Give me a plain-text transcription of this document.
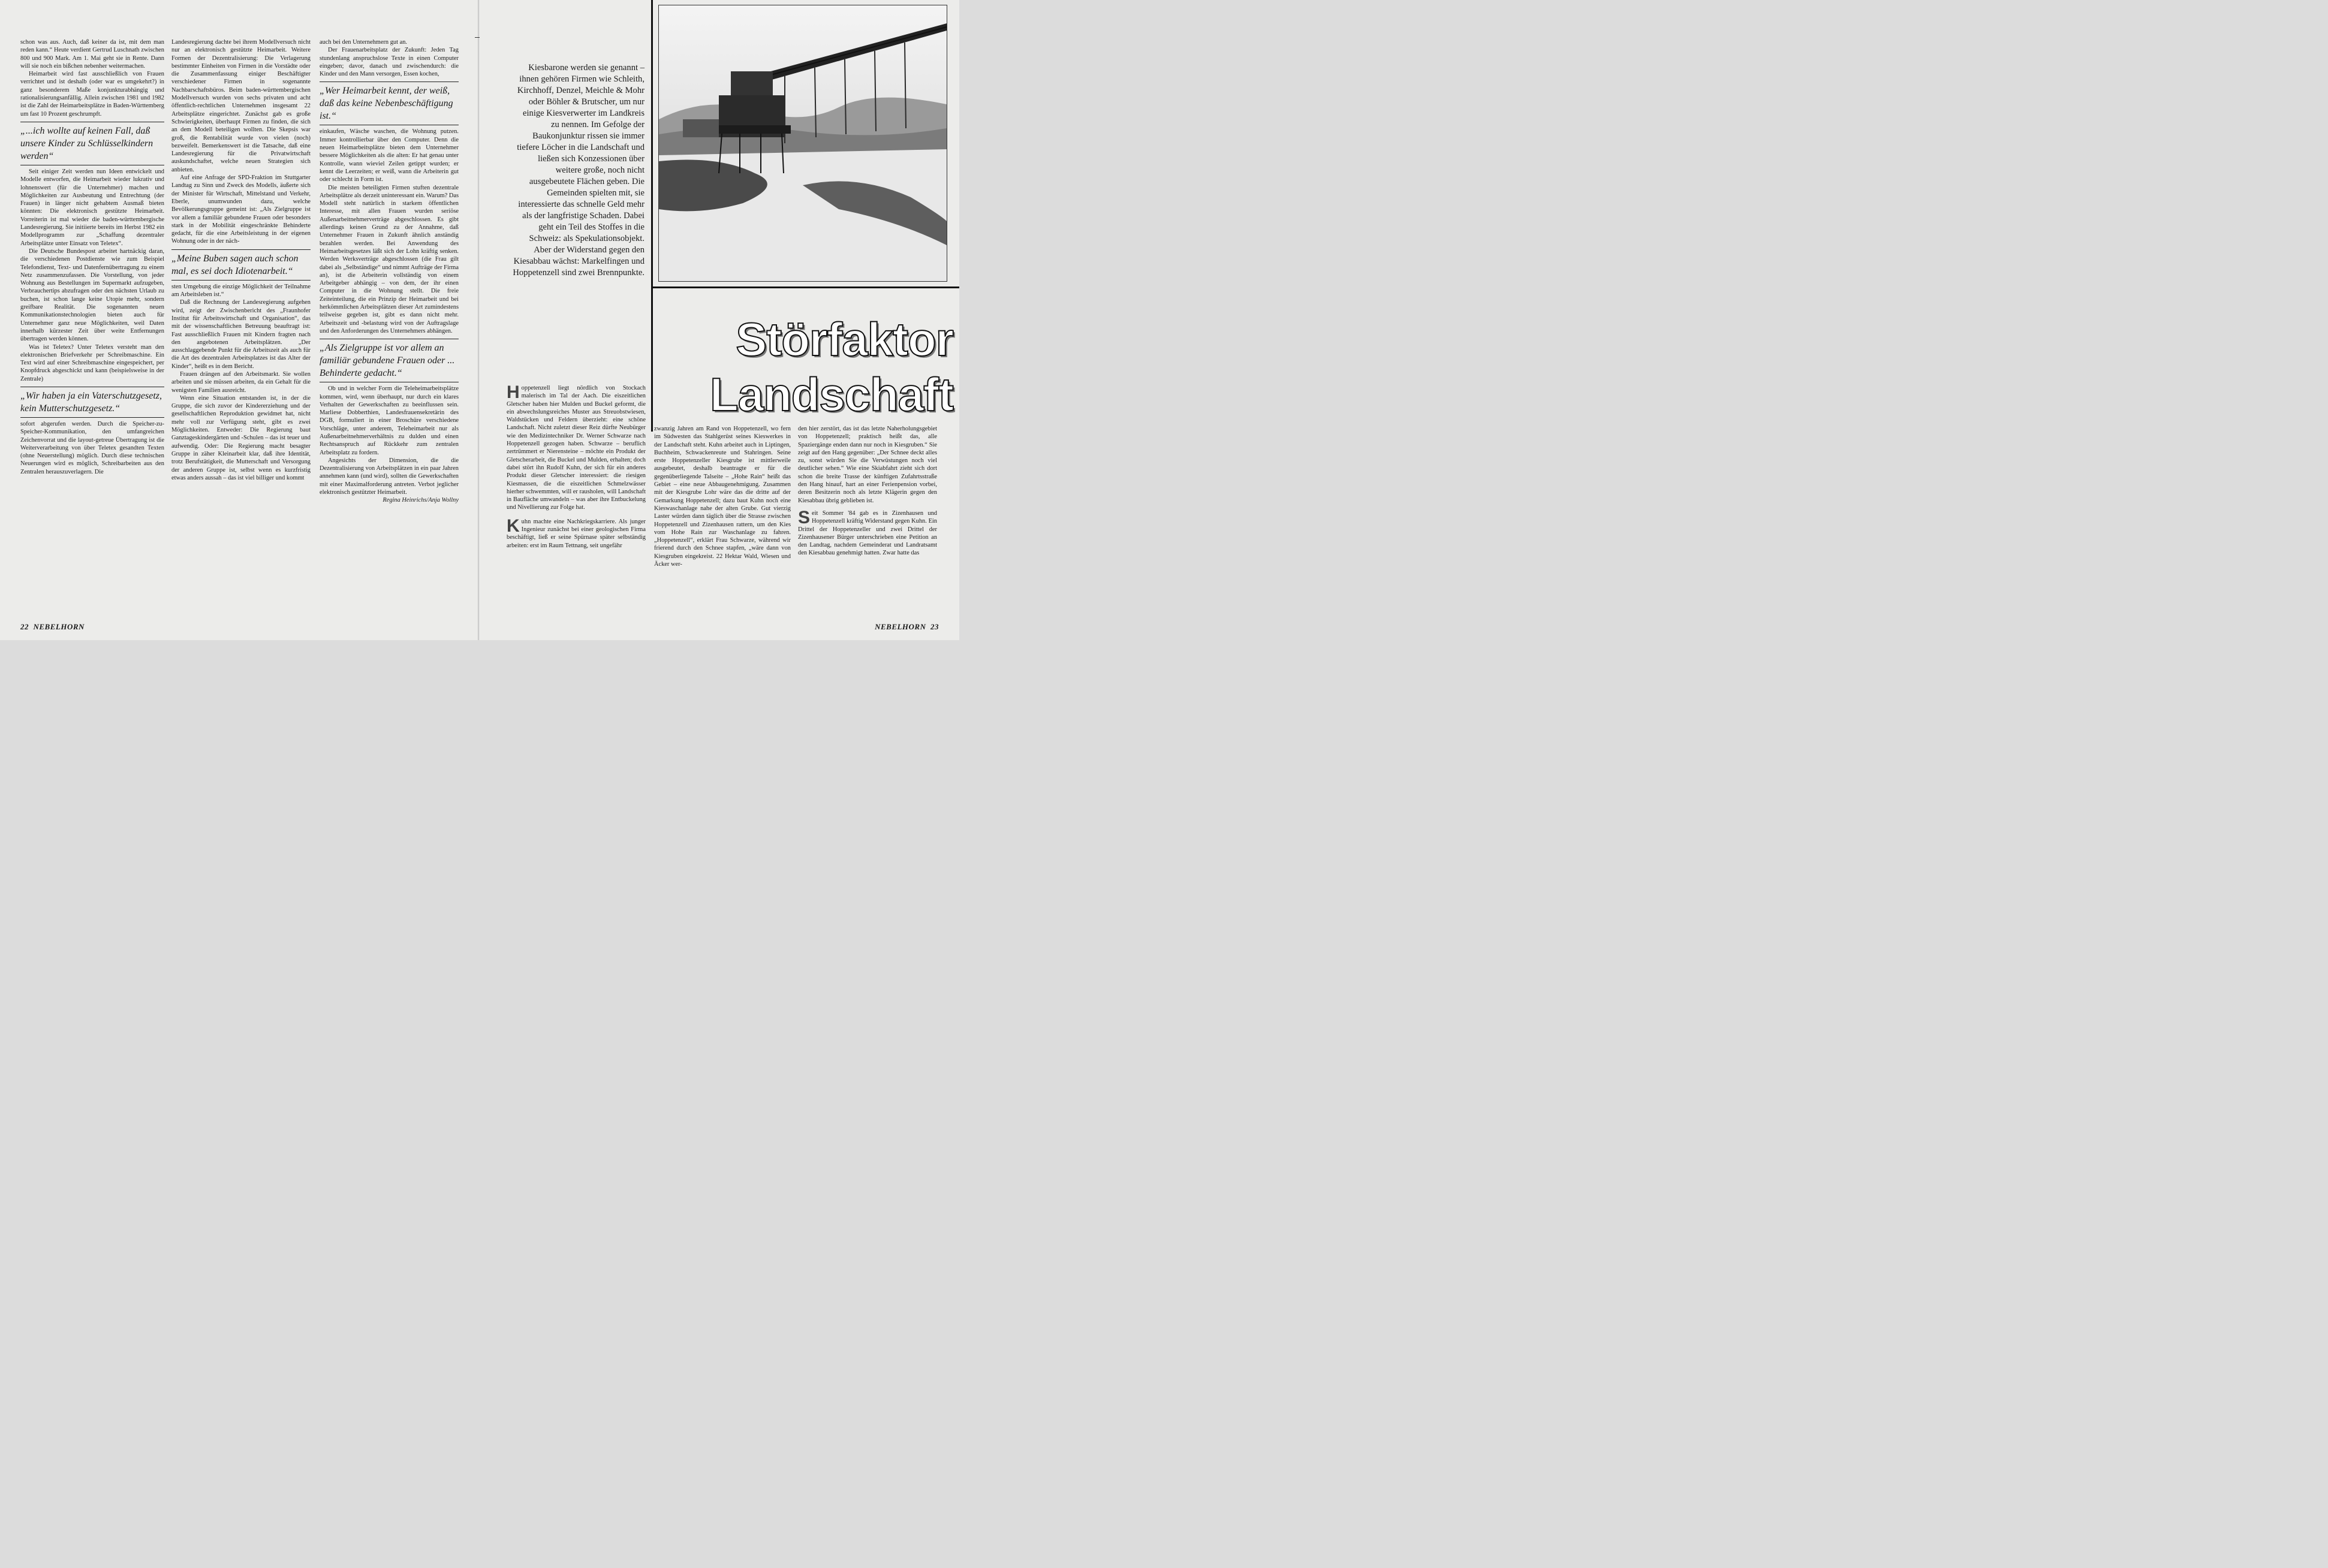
schon was aus. Auch, daß keiner da ist, mit dem man reden kann.“ Heute verdient Gertrud Luschnath zwischen 800 und 900 Mark. Am 1. Mai geht sie in Rente. Dann will sie noch ein bißchen nebenher weitermachen.

Heimarbeit wird fast ausschließlich von Frauen verrichtet und ist deshalb (oder war es umgekehrt?) in ganz besonderem Maße konjunkturabhängig und rationalisierungsanfällig. Allein zwischen 1981 und 1982 ist die Zahl der Heimarbeitsplätze in Baden-Württemberg um fast 10 Prozent geschrumpft.

„...ich wollte auf keinen Fall, daß unsere Kinder zu Schlüsselkindern werden“

Seit einiger Zeit werden nun Ideen entwickelt und Modelle entworfen, die Heimarbeit wieder lukrativ und lohnenswert (für die Unternehmer) machen und Möglichkeiten zur Ausbeutung und Entrechtung (der Frauen) in länger nicht gehabtem Ausmaß bieten könnten: Die elektronisch gestützte Heimarbeit. Vorreiterin ist mal wieder die baden-württembergische Landesregierung. Sie initiierte bereits im Herbst 1982 ein Modellprogramm zur „Schaffung dezentraler Arbeitsplätze unter Einsatz von Teletex“.

Die Deutsche Bundespost arbeitet hartnäckig daran, die verschiedenen Postdienste wie zum Beispiel Telefondienst, Text- und Datenfernübertragung zu einem Netz zusammenzufassen. Die Vorstellung, von jeder Wohnung aus Bestellungen im Supermarkt aufzugeben, Verbrauchertips abzufragen oder den nächsten Urlaub zu buchen, ist schon lange keine Utopie mehr, sondern greifbare Realität. Die sogenannten neuen Kommunikationstechnologien bieten auch für Unternehmer ganz neue Möglichkeiten, weil Daten innerhalb kürzester Zeit über weite Entfernungen übertragen werden können.

Was ist Teletex? Unter Teletex versteht man den elektronischen Briefverkehr per Schreibmaschine. Ein Text wird auf einer Schreibmaschine eingespeichert, per Knopfdruck abgeschickt und kann (beispielsweise in der Zentrale)

„Wir haben ja ein Vaterschutzgesetz, kein Mutterschutzgesetz.“

sofort abgerufen werden. Durch die Speicher-zu-Speicher-Kommunikation, den umfangreichen Zeichenvorrat und die layout-getreue Übertragung ist die Weiterverarbeitung von über Teletex gesandten Texten (ohne Neuerstellung) möglich. Durch diese technischen Neuerungen wird es möglich, Schreibarbeiten aus den Zentralen herauszuverlagern. Die

Landesregierung dachte bei ihrem Modellversuch nicht nur an elektronisch gestützte Heimarbeit. Weitere Formen der Dezentralisierung: Die Verlagerung bestimmter Einheiten von Firmen in die Vorstädte oder die Zusammenfassung einiger Beschäftigter verschiedener Firmen in sogenannte Nachbarschaftsbüros. Beim baden-württembergischen Modellversuch wurden von sechs privaten und acht öffentlich-rechtlichen Unternehmen insgesamt 22 Arbeitsplätze eingerichtet. Zunächst gab es große Schwierigkeiten, überhaupt Firmen zu finden, die sich an dem Modell beteiligen wollten. Die Skepsis war groß, die Rentabilität wurde von vielen (noch) bezweifelt. Bemerkenswert ist die Tatsache, daß eine Landesregierung für die Privatwirtschaft auskundschaftet, welche neuen Strategien sich anbieten.

Auf eine Anfrage der SPD-Fraktion im Stuttgarter Landtag zu Sinn und Zweck des Modells, äußerte sich der Minister für Wirtschaft, Mittelstand und Verkehr, Eberle, unumwunden dazu, welche Bevölkerungsgruppe gemeint ist: „Als Zielgruppe ist vor allem a familiär gebundene Frauen oder besonders stark in der Mobilität eingeschränkte Behinderte gedacht, für die eine Arbeitsleistung in der eigenen Wohnung oder in der näch-

„Meine Buben sagen auch schon mal, es sei doch Idiotenarbeit.“

sten Umgebung die einzige Möglichkeit der Teilnahme am Arbeitsleben ist.“

Daß die Rechnung der Landesregierung aufgehen wird, zeigt der Zwischenbericht des „Fraunhofer Institut für Arbeitswirtschaft und Organisation“, das mit der wissenschaftlichen Betreuung beauftragt ist: Fast ausschließlich Frauen mit Kindern fragten nach den angebotenen Arbeitsplätzen. „Der ausschlaggebende Punkt für die Arbeitszeit als auch für die Art des dezentralen Arbeitsplatzes ist das Alter der Kinder“, heißt es in dem Bericht.

Frauen drängen auf den Arbeitsmarkt. Sie wollen arbeiten und sie müssen arbeiten, da ein Gehalt für die wenigsten Familien ausreicht.

Wenn eine Situation entstanden ist, in der die Gruppe, die sich zuvor der Kindererziehung und der gesellschaftlichen Reproduktion gewidmet hat, nicht mehr voll zur Verfügung steht, gibt es zwei Möglichkeiten. Entweder: Die Regierung baut Ganztageskindergärten und -Schulen – das ist teuer und aufwendig. Oder: Die Regierung macht besagter Gruppe in zäher Kleinarbeit klar, daß ihre Identität, trotz Berufstätigkeit, die Mutterschaft und Versorgung der anderen Gruppe ist, selbst wenn es kurzfristig etwas anders aussah – das ist viel billiger und kommt

auch bei den Unternehmern gut an.

Der Frauenarbeitsplatz der Zukunft: Jeden Tag stundenlang anspruchslose Texte in einen Computer eingeben; davor, danach und zwischendurch: die Kinder und den Mann versorgen, Essen kochen,

„Wer Heimarbeit kennt, der weiß, daß das keine Nebenbeschäftigung ist.“

einkaufen, Wäsche waschen, die Wohnung putzen. Immer kontrollierbar über den Computer. Denn die neuen Heimarbeitsplätze bieten dem Unternehmer bessere Möglichkeiten als die alten: Er hat genau unter Kontrolle, wann wieviel Zeilen getippt wurden; er kennt die Leerzeiten; er weiß, wann die Arbeiterin gut oder schlecht in Form ist.

Die meisten beteiligten Firmen stuften dezentrale Arbeitsplätze als derzeit uninteressant ein. Warum? Das Modell steht natürlich in starkem öffentlichen Interesse, mit allen Frauen wurden seriöse Außenarbeitnehmerverträge abgeschlossen. Es gibt allerdings keinen Grund zu der Annahme, daß Unternehmer Frauen in Zukunft ähnlich anständig bezahlen werden. Bei Anwendung des Heimarbeitsgesetzes läßt sich der Lohn kräftig senken. Werden Werksverträge abgeschlossen (die Frau gilt dabei als „Selbständige“ und nimmt Aufträge der Firma an), ist die Arbeiterin vollständig von einem Arbeitgeber abhängig – von dem, der ihr einen Computer in die Wohnung stellt. Die freie Zeiteinteilung, die ein Prinzip der Heimarbeit und bei herkömmlichen Arbeitsplätzen dieser Art zumindestens teilweise gegeben ist, gibt es dann nicht mehr. Arbeitszeit und -belastung wird von der Auftragslage und den Anforderungen des Unternehmers abhängen.

„Als Zielgruppe ist vor allem an familiär gebundene Frauen oder ... Behinderte gedacht.“

Ob und in welcher Form die Teleheimarbeitsplätze kommen, wird, wenn überhaupt, nur durch ein klares Verhalten der Gewerkschaften zu beeinflussen sein. Marliese Dobberthien, Landesfrauensekretärin des DGB, formuliert in einer Broschüre verschiedene Vorschläge, unter anderem, Teleheimarbeit nur als Außenarbeitnehmerverhältnis zu dulden und einen Rechtsanspruch auf Rückkehr zum zentralen Arbeitsplatz zu fordern.

Angesichts der Dimension, die die Dezentralisierung von Arbeitsplätzen in ein paar Jahren annehmen kann (und wird), sollten die Gewerkschaften mit einer Maximalforderung antreten. Verbot jeglicher elektronisch gestützter Heimarbeit.

Regina Heinrichs/Anja Wollny

22 NEBELHORN
Kiesbarone werden sie genannt – ihnen gehören Firmen wie Schleith, Kirchhoff, Denzel, Meichle & Mohr oder Böhler & Brutscher, um nur einige Kiesverwerter im Landkreis zu nennen. Im Gefolge der Baukonjunktur rissen sie immer tiefere Löcher in die Landschaft und ließen sich Konzessionen über weitere große, noch nicht ausgebeutete Flächen geben. Die Gemeinden spielten mit, sie interessierte das schnelle Geld mehr als der langfristige Schaden. Dabei geht ein Teil des Stoffes in die Schweiz: als Spekulationsobjekt. Aber der Widerstand gegen den Kiesabbau wächst: Markelfingen und Hoppetenzell sind zwei Brennpunkte.
Störfaktor
Landschaft

Hoppetenzell liegt nördlich von Stockach malerisch im Tal der Aach. Die eiszeitlichen Gletscher haben hier Mulden und Buckel geformt, die ein abwechslungsreiches Muster aus Streuobstwiesen, Waldstücken und Feldern überzieht: eine schöne Landschaft. Nicht zuletzt dieser Reiz dürfte Neubürger wie den Medizintechniker Dr. Werner Schwarze nach Hoppetenzell gezogen haben. Schwarze – beruflich zertrümmert er Nierensteine – möchte ein Produkt der Gletscherarbeit, die Buckel und Mulden, erhalten; doch dabei stört ihn Rudolf Kuhn, der sich für ein anderes Produkt dieser Gletscher interessiert: die riesigen Kiesmassen, die die eiszeitlichen Schmelzwässer hierher schwemmten, will er rausholen, will Landschaft in Baufläche umwandeln – was aber ihre Entbuckelung und Nivellierung zur Folge hat.

Kuhn machte eine Nachkriegskarriere. Als junger Ingenieur zunächst bei einer geologischen Firma beschäftigt, ließ er seine Spürnase später selbständig arbeiten: erst im Raum Tettnang, seit ungefähr

zwanzig Jahren am Rand von Hoppetenzell, wo fern im Südwesten das Stahlgerüst seines Kieswerkes in der Landschaft steht. Kuhn arbeitet auch in Liptingen, Buchheim, Schwackenreute und Stahringen. Seine erste Hoppetenzeller Kiesgrube ist mittlerweile ausgebeutet, deshalb beantragte er für die gegenüberliegende Talseite – „Hohe Rain“ heißt das Gebiet – eine neue Abbaugenehmigung. Zusammen mit der Kiesgrube Lohr wäre das die dritte auf der Gemarkung Hoppetenzell; dazu baut Kuhn noch eine Kieswaschanlage nahe der alten Grube. Gut vierzig Laster würden dann täglich über die Strasse zwischen Hoppetenzell und Zizenhausen rattern, um den Kies vom Hohe Rain zur Waschanlage zu fahren. „Hoppetenzell“, erklärt Frau Schwarze, während wir frierend durch den Schnee stapfen, „wäre dann von Kiesgruben eingekreist. 22 Hektar Wald, Wiesen und Äcker wer-

den hier zerstört, das ist das letzte Naherholungsgebiet von Hoppetenzell; praktisch heißt das, alle Spaziergänge enden dann nur noch in Kiesgruben.“ Sie zeigt auf den Hang gegenüber: „Der Schnee deckt alles zu, sonst würden Sie die Verwüstungen noch viel deutlicher sehen.“ Wie eine Skiabfahrt zieht sich dort schon die breite Trasse der künftigen Zufahrtsstraße den Hang hinauf, hart an einer Ferienpension vorbei, deren Besitzerin noch als letzte Klägerin gegen den Kiesabbau übrig geblieben ist.

Seit Sommer '84 gab es in Zizenhausen und Hoppetenzell kräftig Widerstand gegen Kuhn. Ein Drittel der Hoppetenzeller und zwei Drittel der Zizenhausener Bürger unterschrieben eine Petition an den Landtag, nachdem Gemeinderat und Landratsamt den Kiesabbau genehmigt hatten. Zwar hatte das

NEBELHORN 23
